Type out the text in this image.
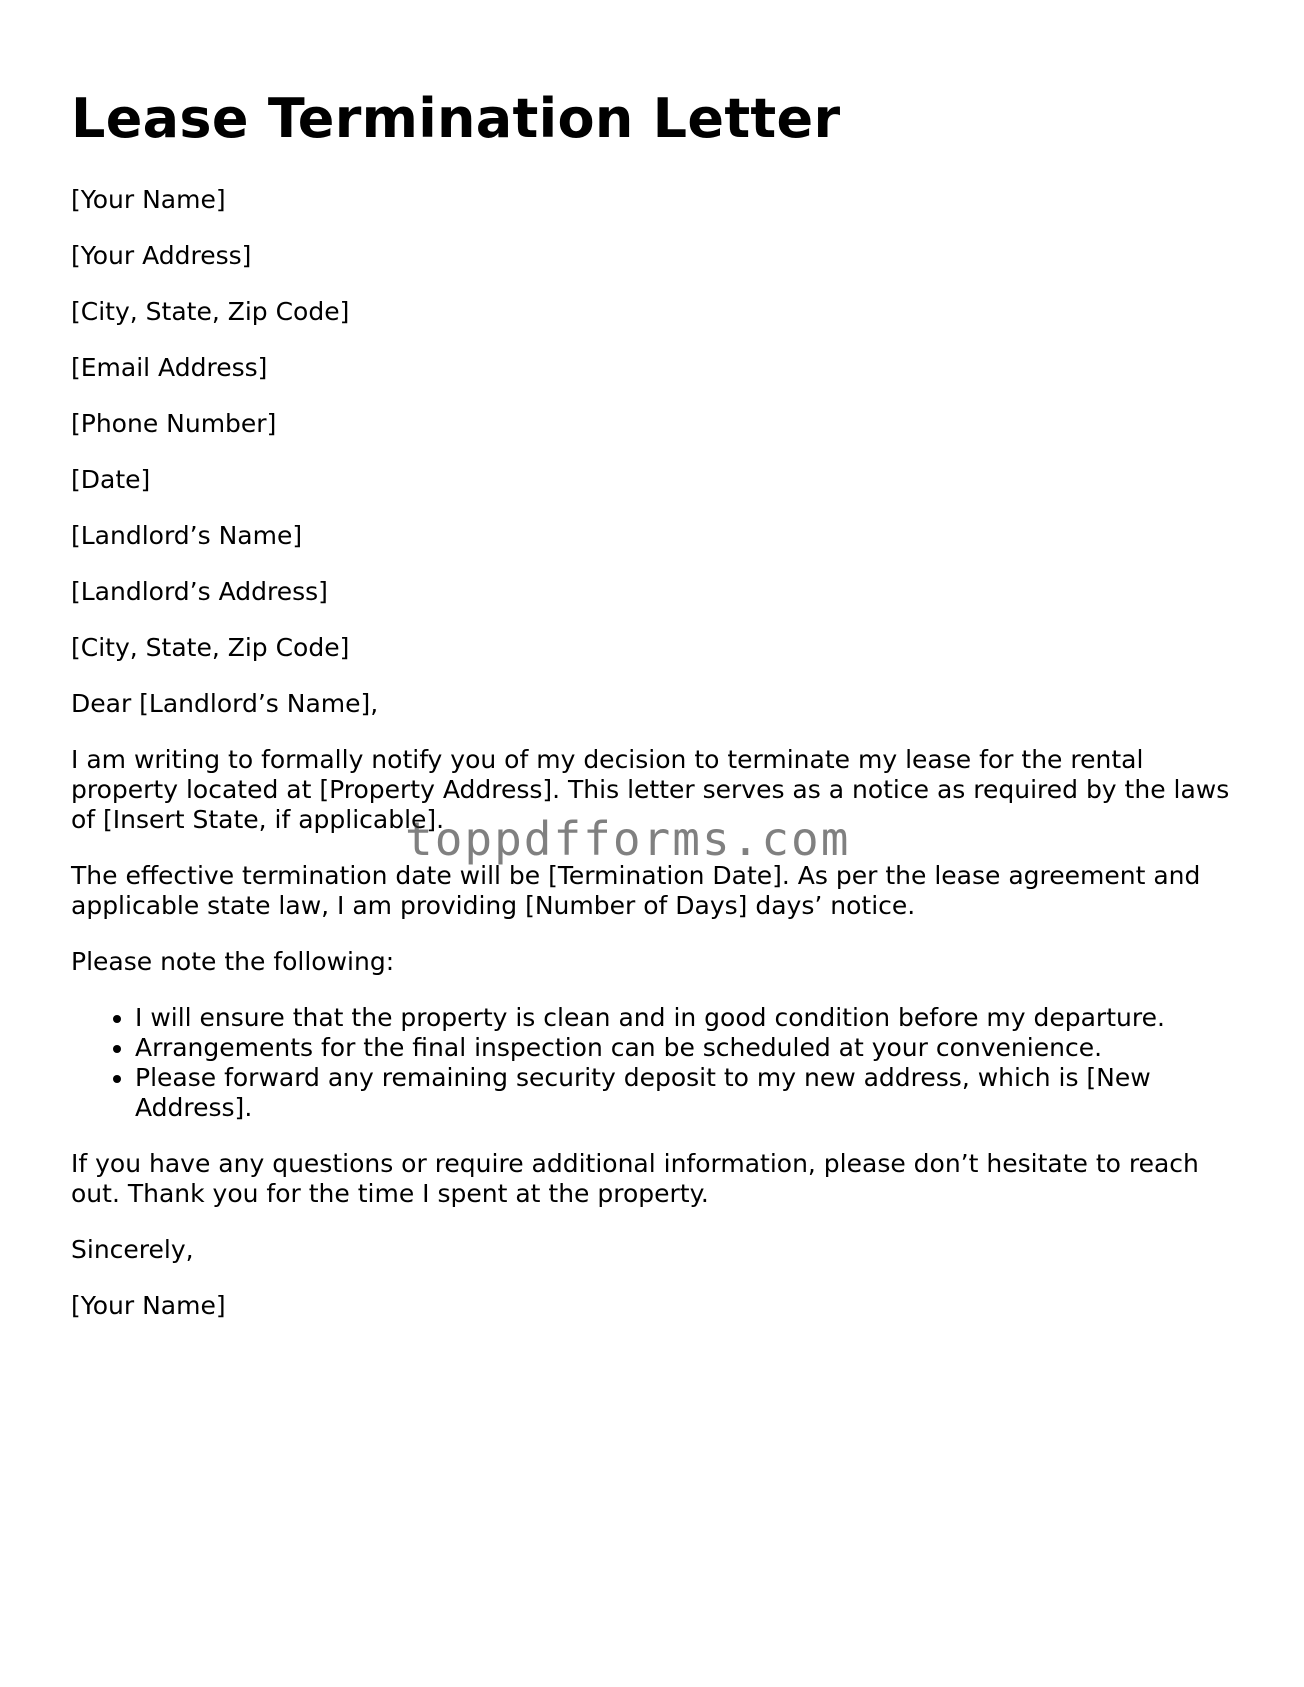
Lease Termination Letter
[Your Name]
[Your Address]
[City, State, Zip Code]
[Email Address]
[Phone Number]
[Date]
[Landlord’s Name]
[Landlord’s Address]
[City, State, Zip Code]
Dear [Landlord’s Name],

I am writing to formally notify you of my decision to terminate my lease for the rental property located at [Property Address]. This letter serves as a notice as required by the laws of [Insert State, if applicable].

The effective termination date will be [Termination Date]. As per the lease agreement and applicable state law, I am providing [Number of Days] days’ notice.

Please note the following:

• I will ensure that the property is clean and in good condition before my departure.
• Arrangements for the final inspection can be scheduled at your convenience.
• Please forward any remaining security deposit to my new address, which is [New Address].

If you have any questions or require additional information, please don’t hesitate to reach out. Thank you for the time I spent at the property.

Sincerely,
[Your Name]
toppdfforms.com
